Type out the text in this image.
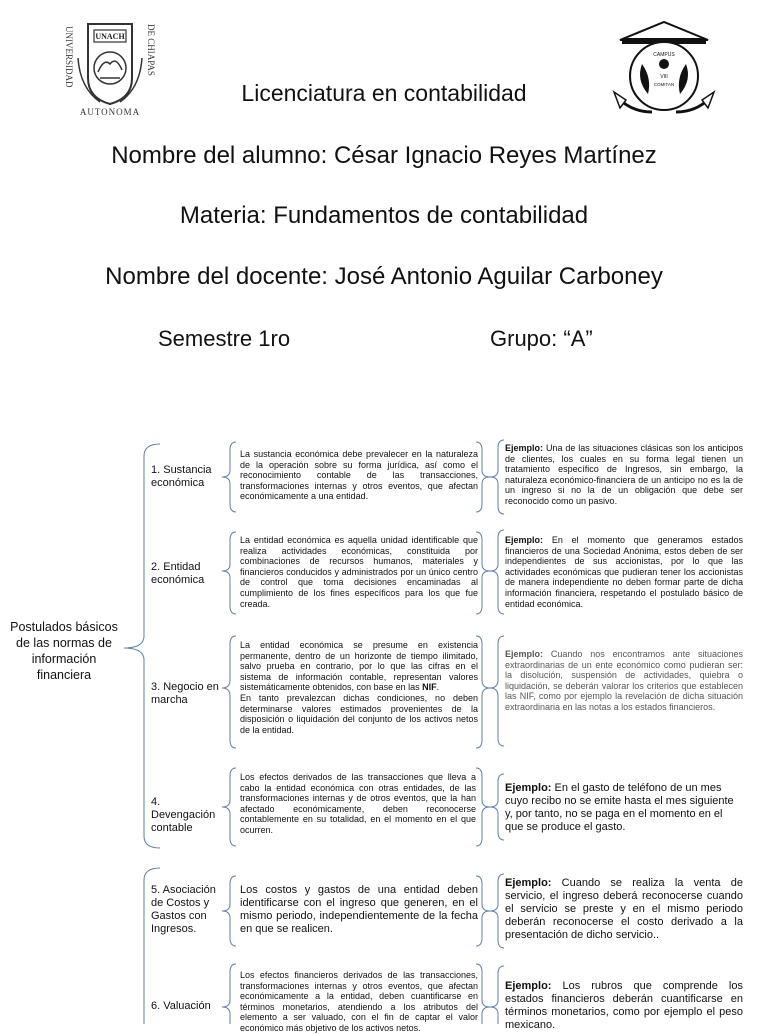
UNIVERSIDAD	DE CHIAPAS
UNACH
AUTONOMA
CAMPUS
VIII
COMITAN
Licenciatura en contabilidad
Nombre del alumno: César Ignacio Reyes Martínez
Materia: Fundamentos de contabilidad
Nombre del docente: José Antonio Aguilar Carboney
Semestre 1ro	Grupo: “A”
Postulados básicos de las normas de información financiera
1. Sustancia económica
La sustancia económica debe prevalecer en la naturaleza de la operación sobre su forma jurídica, así como el reconocimiento contable de las transacciones, transformaciones internas y otros eventos, que afectan económicamente a una entidad.
Ejemplo: Una de las situaciones clásicas son los anticipos de clientes, los cuales en su forma legal tienen un tratamiento específico de Ingresos, sin embargo, la naturaleza económico-financiera de un anticipo no es la de un ingreso si no la de un obligación que debe ser reconocido como un pasivo.
2. Entidad económica
La entidad económica es aquella unidad identificable que realiza actividades económicas, constituida por combinaciones de recursos humanos, materiales y financieros conducidos y administrados por un único centro de control que toma decisiones encaminadas al cumplimiento de los fines específicos para los que fue creada.
Ejemplo: En el momento que generamos estados financieros de una Sociedad Anónima, estos deben de ser independientes de sus accionistas, por lo que las actividades económicas que pudieran tener los accionistas de manera independiente no deben formar parte de dicha información financiera, respetando el postulado básico de entidad económica.
3. Negocio en marcha
La entidad económica se presume en existencia permanente, dentro de un horizonte de tiempo ilimitado, salvo prueba en contrario, por lo que las cifras en el sistema de información contable, representan valores sistemáticamente obtenidos, con base en las NIF.
En tanto prevalezcan dichas condiciones, no deben determinarse valores estimados provenientes de la disposición o liquidación del conjunto de los activos netos de la entidad.
Ejemplo: Cuando nos encontramos ante situaciones extraordinarias de un ente económico como pudieran ser: la disolución, suspensión de actividades, quiebra o liquidación, se deberán valorar los criterios que establecen las NIF, como por ejemplo la revelación de dicha situación extraordinaria en las notas a los estados financieros.
4. Devengación contable
Los efectos derivados de las transacciones que lleva a cabo la entidad económica con otras entidades, de las transformaciones internas y de otros eventos, que la han afectado económicamente, deben reconocerse contablemente en su totalidad, en el momento en el que ocurren.
Ejemplo: En el gasto de teléfono de un mes cuyo recibo no se emite hasta el mes siguiente y, por tanto, no se paga en el momento en el que se produce el gasto.
5. Asociación de Costos y Gastos con Ingresos.
Los costos y gastos de una entidad deben identificarse con el ingreso que generen, en el mismo periodo, independientemente de la fecha en que se realicen.
Ejemplo: Cuando se realiza la venta de servicio, el ingreso deberá reconocerse cuando el servicio se preste y en el mismo periodo deberán reconocerse el costo derivado a la presentación de dicho servicio..
6. Valuación
Los efectos financieros derivados de las transacciones, transformaciones internas y otros eventos, que afectan económicamente a la entidad, deben cuantificarse en términos monetarios, atendiendo a los atributos del elemento a ser valuado, con el fin de captar el valor económico más objetivo de los activos netos.
Ejemplo: Los rubros que comprende los estados financieros deberán cuantificarse en términos monetarios, como por ejemplo el peso mexicano.
